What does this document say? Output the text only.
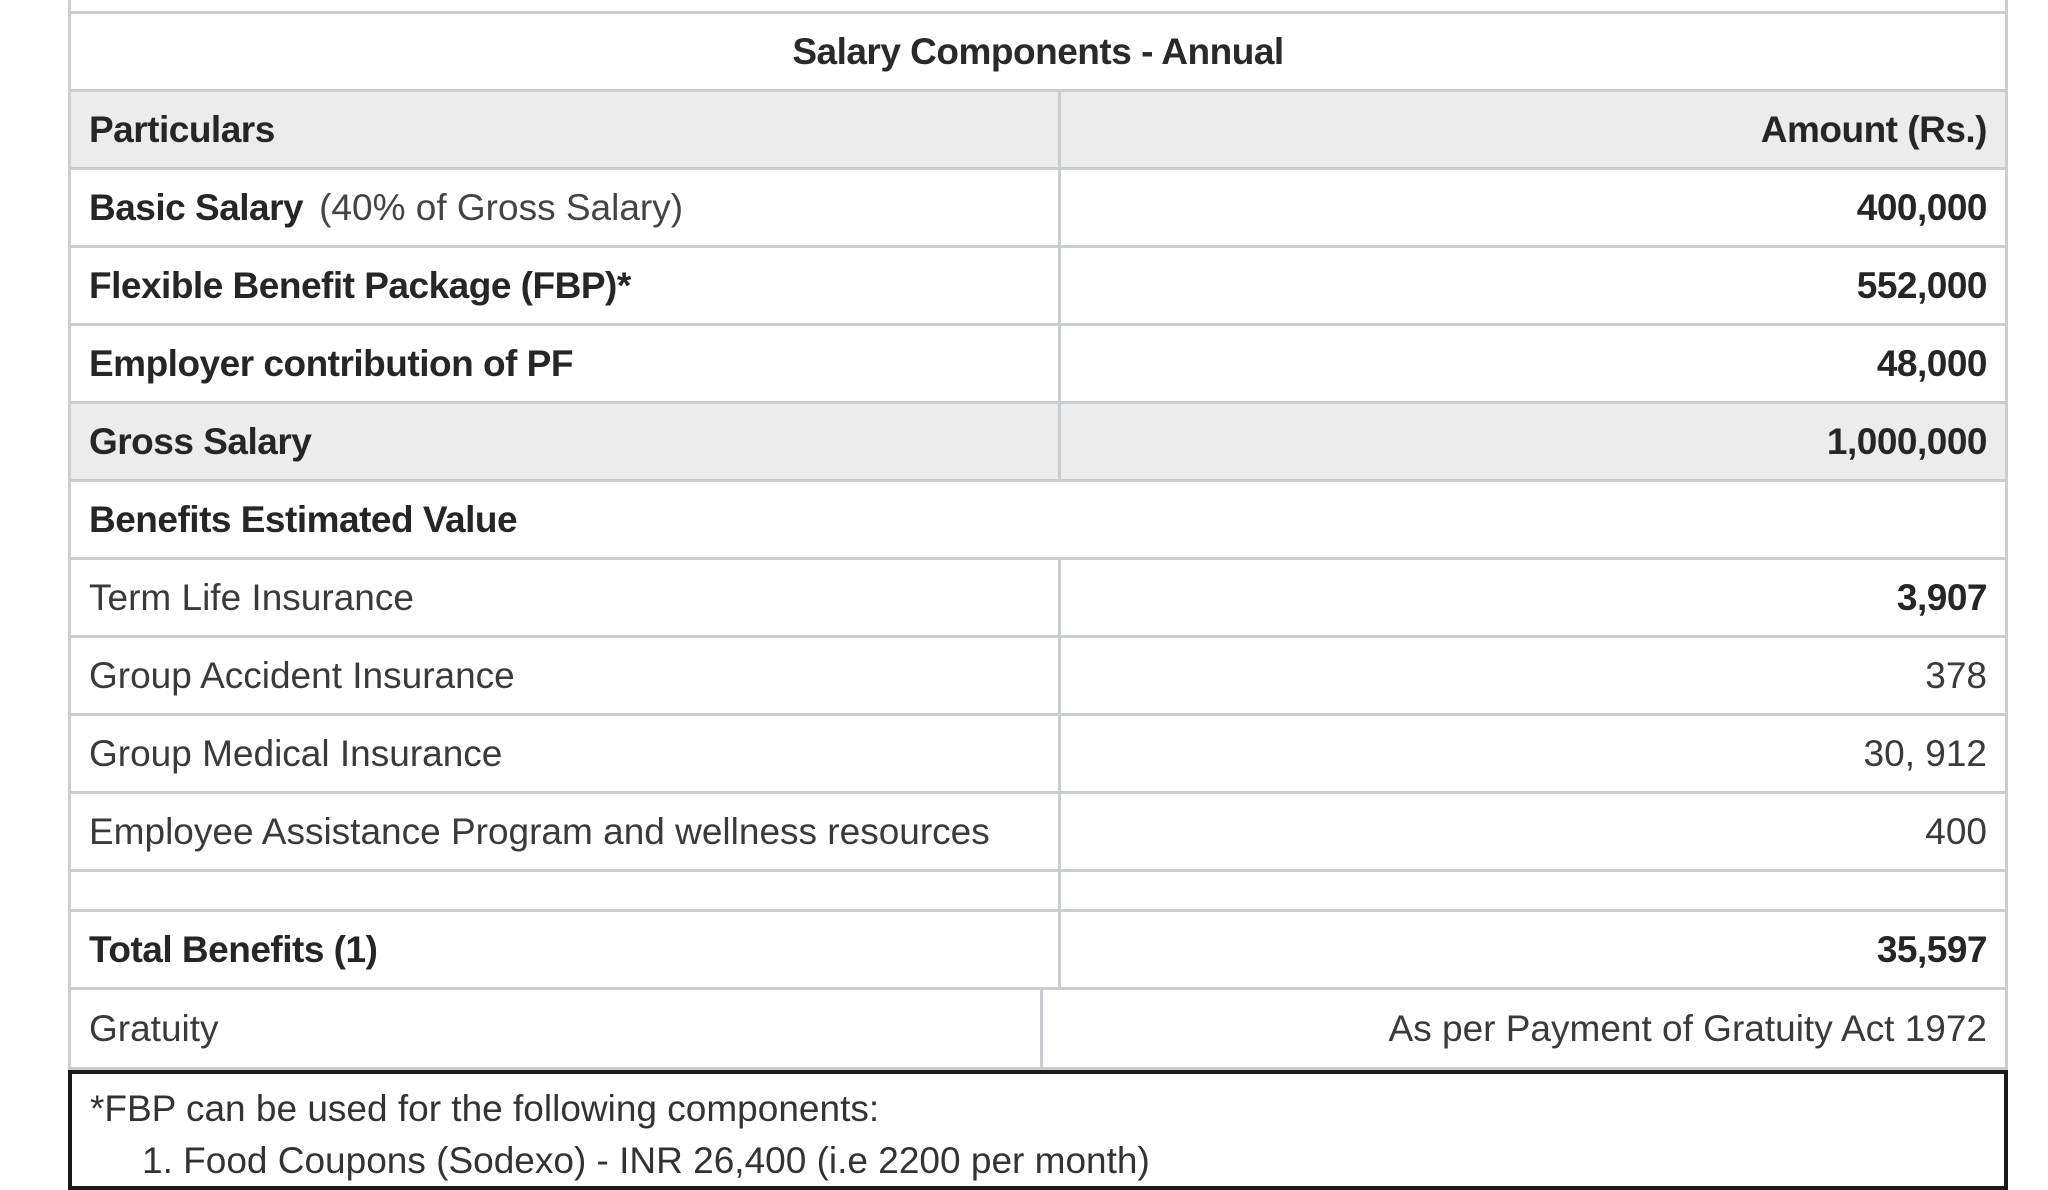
Salary Components - Annual
Particulars	Amount (Rs.)
Basic Salary (40% of Gross Salary)	400,000
Flexible Benefit Package (FBP)*	552,000
Employer contribution of PF	48,000
Gross Salary	1,000,000
Benefits Estimated Value
Term Life Insurance	3,907
Group Accident Insurance	378
Group Medical Insurance	30, 912
Employee Assistance Program and wellness resources	400
Total Benefits (1)	35,597
Gratuity	As per Payment of Gratuity Act 1972
*FBP can be used for the following components:
1. Food Coupons (Sodexo) - INR 26,400 (i.e 2200 per month)
